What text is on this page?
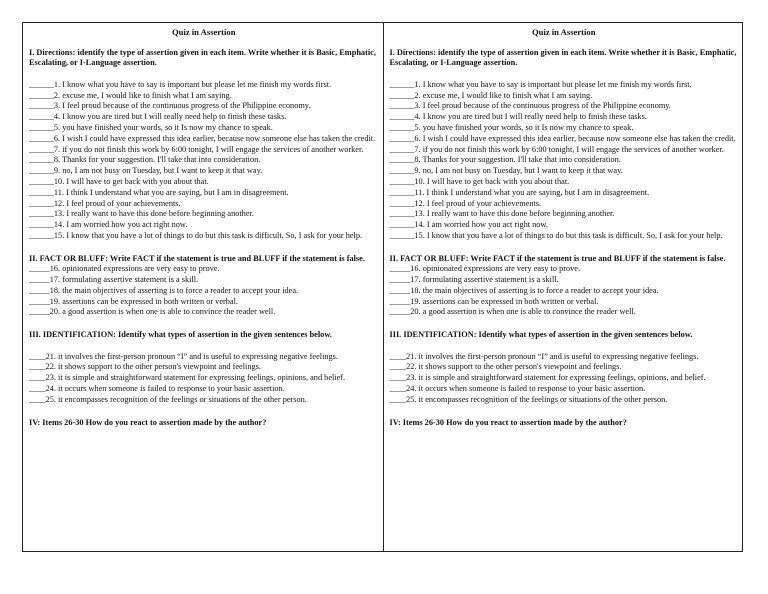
Quiz in Assertion
I. Directions: identify the type of assertion given in each item. Write whether it is Basic, Emphatic, Escalating, or I-Language assertion.
______1. I know what you have to say is important but please let me finish my words first.
______2. excuse me, I would like to finish what I am saying.
______3. I feel proud because of the continuous progress of the Philippine economy.
______4. I know you are tired but I will really need help to finish these tasks.
______5. you have finished your words, so it Is now my chance to speak.
______6. I wish I could have expressed this idea earlier, because now someone else has taken the credit.
______7. if you do not finish this work by 6:00 tonight, I will engage the services of another worker.
______8. Thanks for your suggestion. I'll take that into consideration.
______9. no, I am not busy on Tuesday, but I want to keep it that way.
______10. I will have to get back with you about that.
______11. I think I understand what you are saying, but I am in disagreement.
______12. I feel proud of your achievements.
______13. I really want to have this done before beginning another.
______14. I am worried how you act right now.
______15. I know that you have a lot of things to do but this task is difficult. So, I ask for your help.
II. FACT OR BLUFF: Write FACT if the statement is true and BLUFF if the statement is false.
_____16. opinionated expressions are very easy to prove.
_____17. formulating assertive statement is a skill.
_____18. the main objectives of asserting is to force a reader to accept your idea.
_____19. assertions can be expressed in both written or verbal.
_____20. a good assertion is when one is able to convince the reader well.
III. IDENTIFICATION: Identify what types of assertion in the given sentences below.
____21. it involves the first-person pronoun “I” and is useful to expressing negative feelings.
____22. it shows support to the other person's viewpoint and feelings.
____23. it is simple and straightforward statement for expressing feelings, opinions, and belief.
____24. it occurs when someone is failed to response to your basic assertion.
____25. it encompasses recognition of the feelings or situations of the other person.
IV: Items 26-30 How do you react to assertion made by the author?
Quiz in Assertion
I. Directions: identify the type of assertion given in each item. Write whether it is Basic, Emphatic, Escalating, or I-Language assertion.
______1. I know what you have to say is important but please let me finish my words first.
______2. excuse me, I would like to finish what I am saying.
______3. I feel proud because of the continuous progress of the Philippine economy.
______4. I know you are tired but I will really need help to finish these tasks.
______5. you have finished your words, so it Is now my chance to speak.
______6. I wish I could have expressed this idea earlier, because now someone else has taken the credit.
______7. if you do not finish this work by 6:00 tonight, I will engage the services of another worker.
______8. Thanks for your suggestion. I'll take that into consideration.
______9. no, I am not busy on Tuesday, but I want to keep it that way.
______10. I will have to get back with you about that.
______11. I think I understand what you are saying, but I am in disagreement.
______12. I feel proud of your achievements.
______13. I really want to have this done before beginning another.
______14. I am worried how you act right now.
______15. I know that you have a lot of things to do but this task is difficult. So, I ask for your help.
II. FACT OR BLUFF: Write FACT if the statement is true and BLUFF if the statement is false.
_____16. opinionated expressions are very easy to prove.
_____17. formulating assertive statement is a skill.
_____18. the main objectives of asserting is to force a reader to accept your idea.
_____19. assertions can be expressed in both written or verbal.
_____20. a good assertion is when one is able to convince the reader well.
III. IDENTIFICATION: Identify what types of assertion in the given sentences below.
____21. it involves the first-person pronoun “I” and is useful to expressing negative feelings.
____22. it shows support to the other person's viewpoint and feelings.
____23. it is simple and straightforward statement for expressing feelings, opinions, and belief.
____24. it occurs when someone is failed to response to your basic assertion.
____25. it encompasses recognition of the feelings or situations of the other person.
IV: Items 26-30 How do you react to assertion made by the author?
